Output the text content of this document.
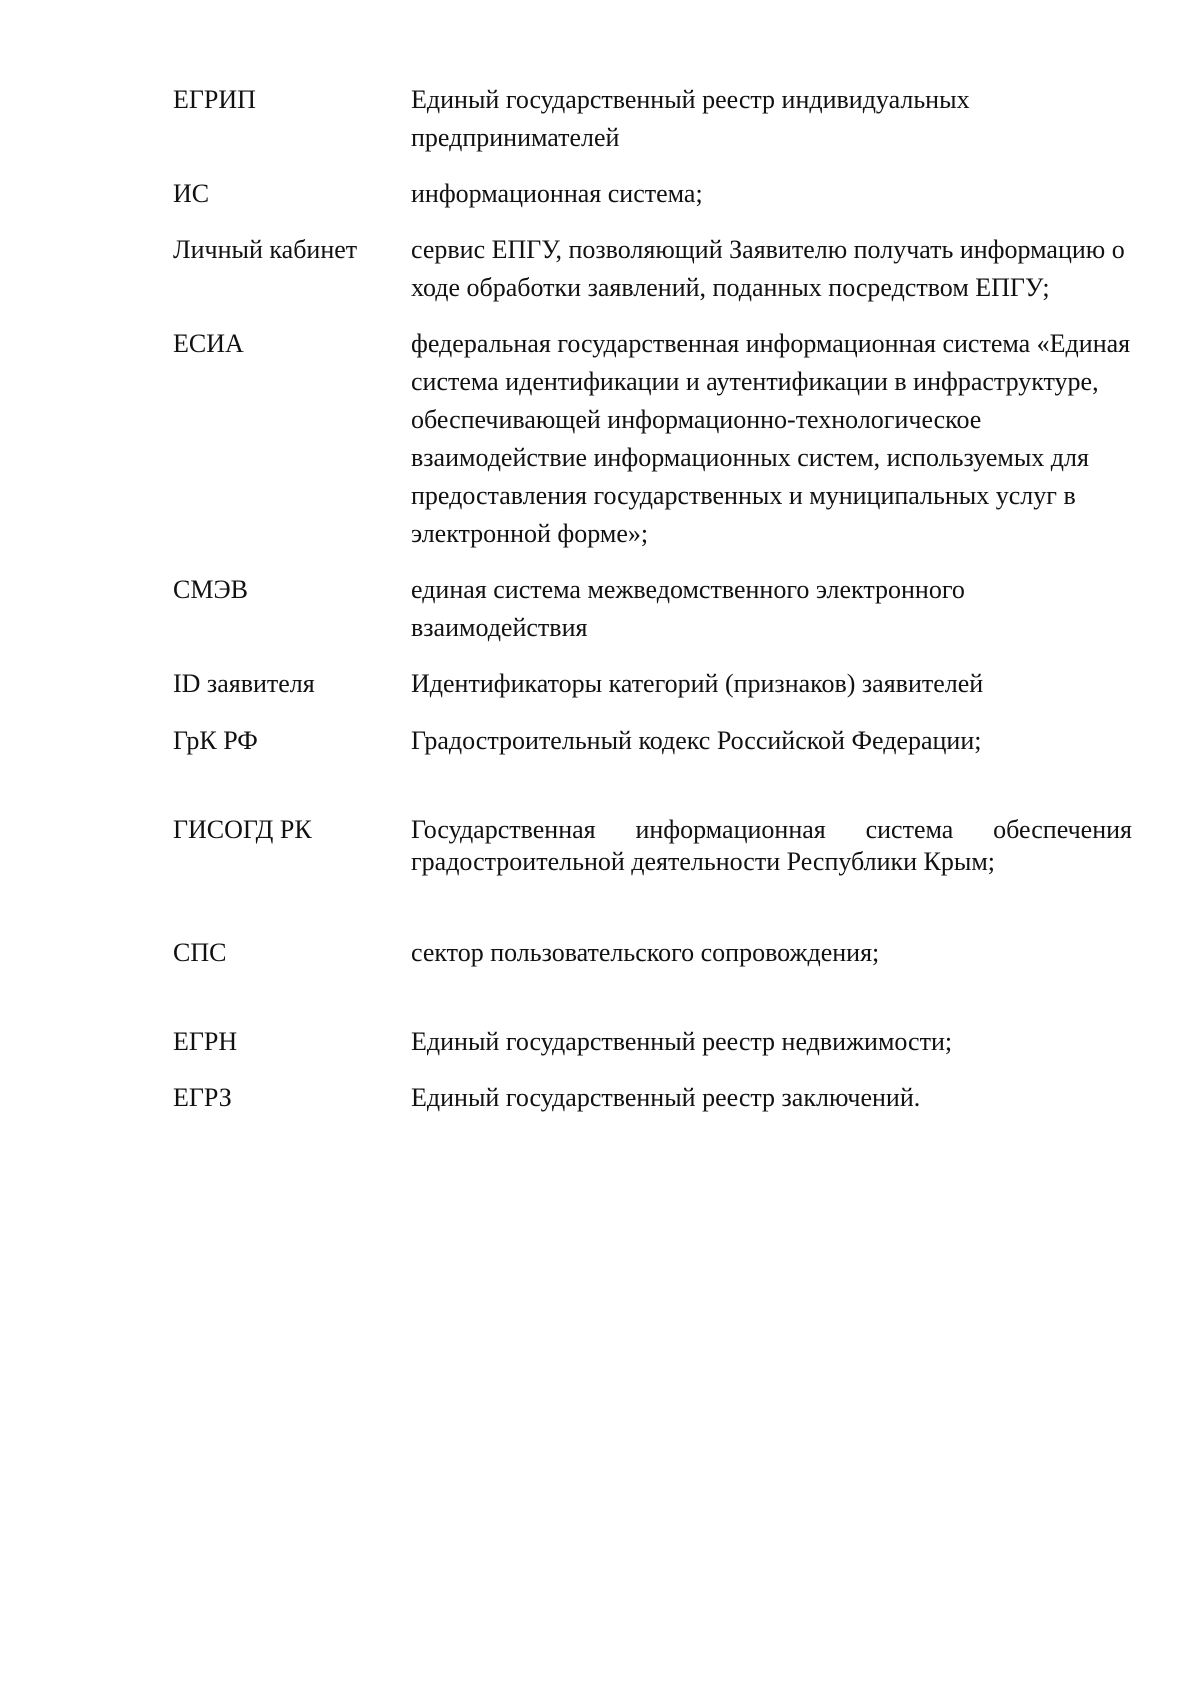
ЕГРИП	Единый государственный реестр индивидуальных предпринимателей
ИС	информационная система;
Личный кабинет	сервис ЕПГУ, позволяющий Заявителю получать информацию о ходе обработки заявлений, поданных посредством ЕПГУ;
ЕСИА	федеральная государственная информационная система «Единая система идентификации и аутентификации в инфраструктуре, обеспечивающей информационно-технологическое взаимодействие информационных систем, используемых для предоставления государственных и муниципальных услуг в электронной форме»;
СМЭВ	единая система межведомственного электронного взаимодействия
ID заявителя	Идентификаторы категорий (признаков) заявителей
ГрК РФ	Градостроительный кодекс Российской Федерации;
ГИСОГД РК	Государственная информационная система обеспечения градостроительной деятельности Республики Крым;
СПС	сектор пользовательского сопровождения;
ЕГРН	Единый государственный реестр недвижимости;
ЕГРЗ	Единый государственный реестр заключений.
